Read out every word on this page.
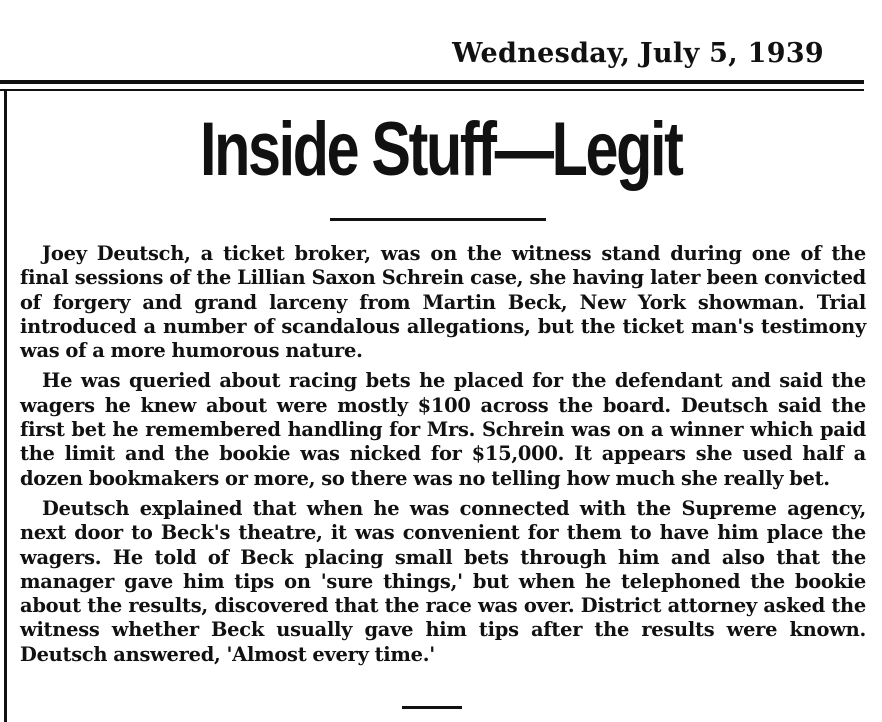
Wednesday, July 5, 1939
Inside Stuff—Legit

Joey Deutsch, a ticket broker, was on the witness stand during one of the final sessions of the Lillian Saxon Schrein case, she having later been convicted of forgery and grand larceny from Martin Beck, New York showman. Trial introduced a number of scandalous allegations, but the ticket man's testimony was of a more humorous nature.

He was queried about racing bets he placed for the defendant and said the wagers he knew about were mostly $100 across the board. Deutsch said the first bet he remembered handling for Mrs. Schrein was on a winner which paid the limit and the bookie was nicked for $15,000. It appears she used half a dozen bookmakers or more, so there was no telling how much she really bet.

Deutsch explained that when he was connected with the Supreme agency, next door to Beck's theatre, it was convenient for them to have him place the wagers. He told of Beck placing small bets through him and also that the manager gave him tips on 'sure things,' but when he telephoned the bookie about the results, discovered that the race was over. District attorney asked the witness whether Beck usually gave him tips after the results were known. Deutsch answered, 'Almost every time.'
